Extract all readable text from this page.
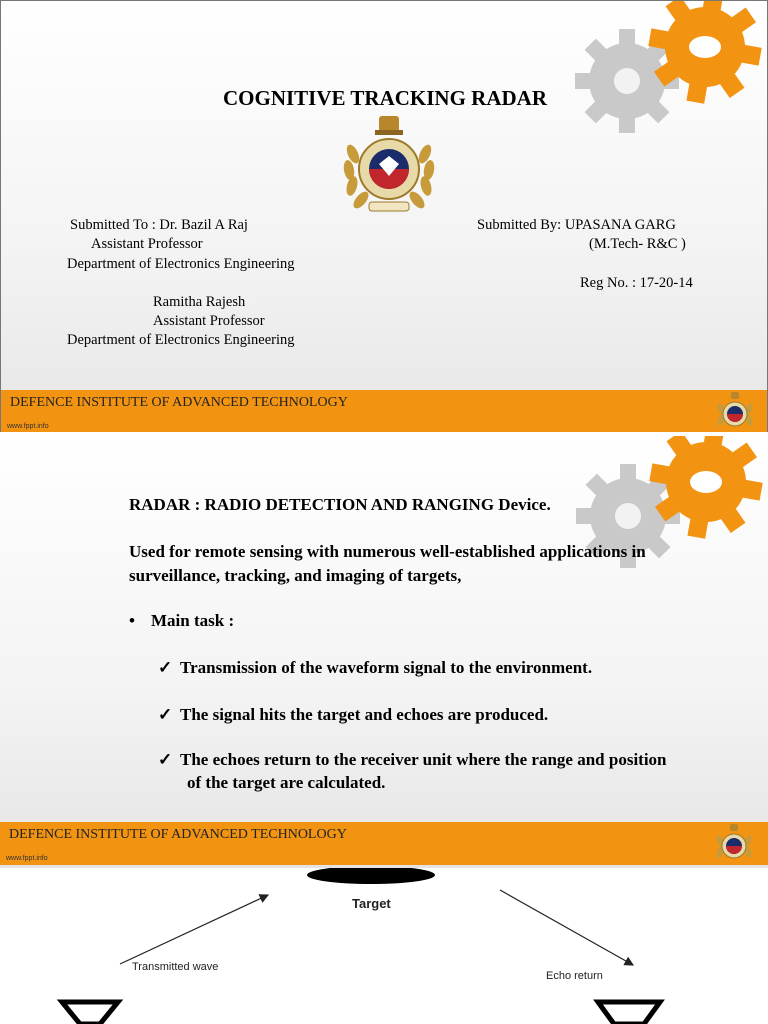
COGNITIVE TRACKING RADAR
Submitted To : Dr. Bazil A Raj
Assistant Professor
Department of Electronics Engineering
Ramitha Rajesh
Assistant Professor
Department of Electronics Engineering
Submitted By: UPASANA GARG
(M.Tech- R&C )
Reg No. : 17-20-14
DEFENCE INSTITUTE OF ADVANCED TECHNOLOGY
www.fppt.info
RADAR : RADIO DETECTION AND RANGING Device.
Used for remote sensing with numerous well-established applications in
surveillance, tracking, and imaging of targets,
• Main task :
✓ Transmission of the waveform signal to the environment.
✓ The signal hits the target and echoes are produced.
✓ The echoes return to the receiver unit where the range and position
of the target are calculated.
DEFENCE INSTITUTE OF ADVANCED TECHNOLOGY
www.fppt.info
Target
Transmitted wave
Echo return
